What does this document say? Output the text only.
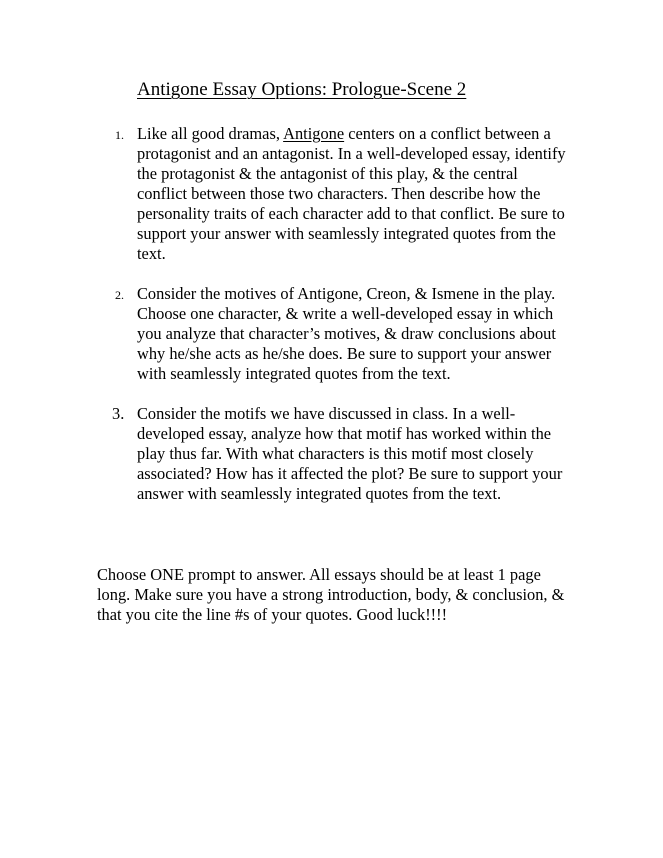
Antigone Essay Options: Prologue-Scene 2
1. Like all good dramas, Antigone centers on a conflict between a protagonist and an antagonist. In a well-developed essay, identify the protagonist & the antagonist of this play, & the central conflict between those two characters. Then describe how the personality traits of each character add to that conflict. Be sure to support your answer with seamlessly integrated quotes from the text.
2. Consider the motives of Antigone, Creon, & Ismene in the play. Choose one character, & write a well-developed essay in which you analyze that character’s motives, & draw conclusions about why he/she acts as he/she does. Be sure to support your answer with seamlessly integrated quotes from the text.
3. Consider the motifs we have discussed in class. In a well-developed essay, analyze how that motif has worked within the play thus far. With what characters is this motif most closely associated? How has it affected the plot? Be sure to support your answer with seamlessly integrated quotes from the text.
Choose ONE prompt to answer. All essays should be at least 1 page long. Make sure you have a strong introduction, body, & conclusion, & that you cite the line #s of your quotes. Good luck!!!!
